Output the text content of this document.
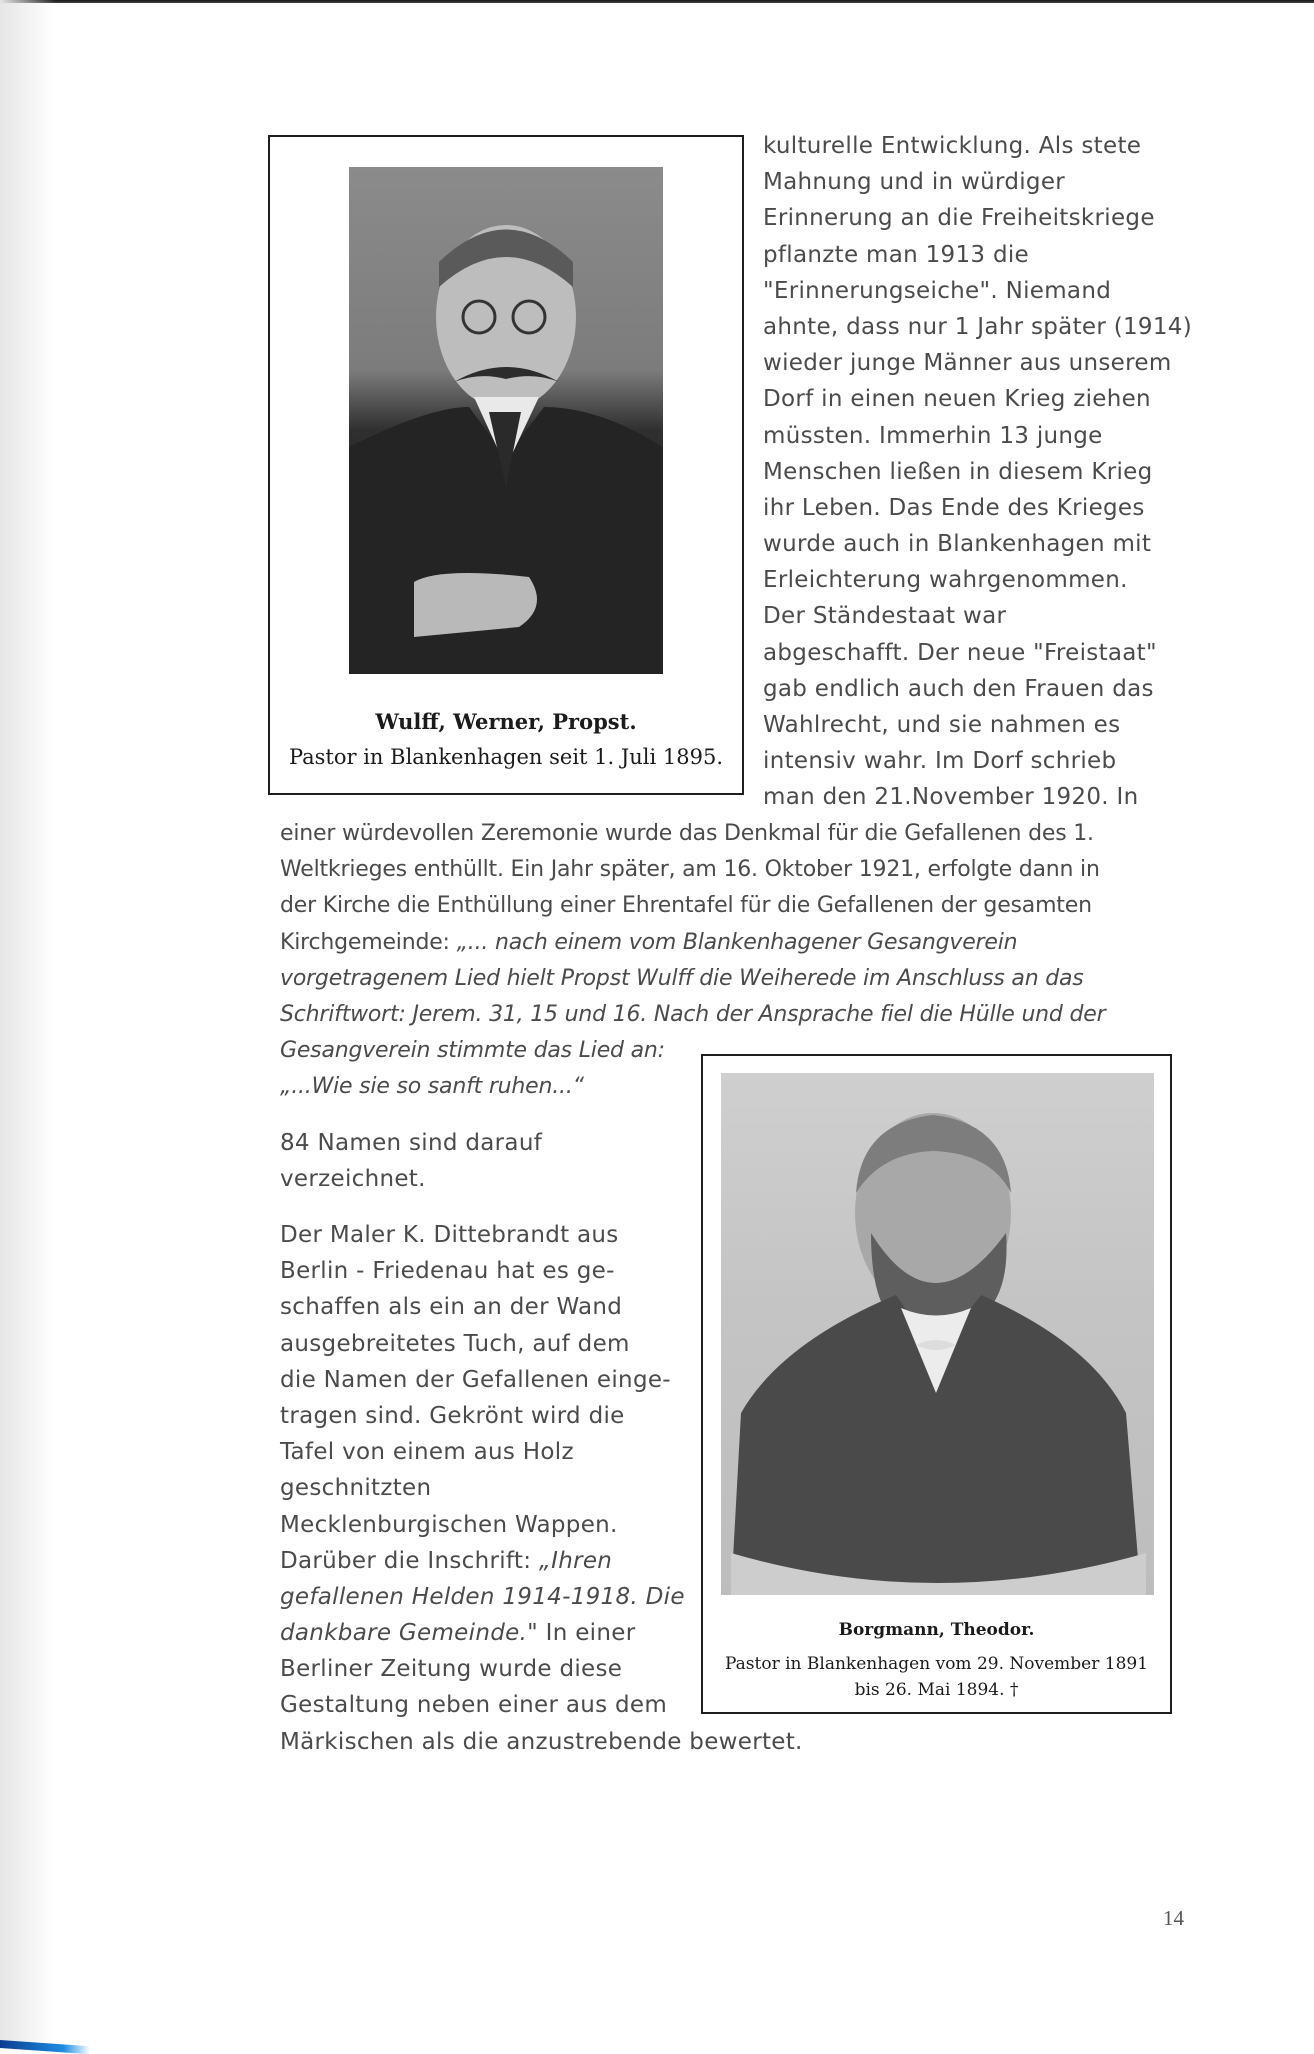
Wulff, Werner, Propst.
Pastor in Blankenhagen seit 1. Juli 1895.
kulturelle Entwicklung. Als stete
Mahnung und in würdiger
Erinnerung an die Freiheitskriege
pflanzte man 1913 die
"Erinnerungseiche". Niemand
ahnte, dass nur 1 Jahr später (1914)
wieder junge Männer aus unserem
Dorf in einen neuen Krieg ziehen
müssten. Immerhin 13 junge
Menschen ließen in diesem Krieg
ihr Leben. Das Ende des Krieges
wurde auch in Blankenhagen mit
Erleichterung wahrgenommen.
Der Ständestaat war
abgeschafft. Der neue "Freistaat"
gab endlich auch den Frauen das
Wahlrecht, und sie nahmen es
intensiv wahr. Im Dorf schrieb
man den 21.November 1920. In
einer würdevollen Zeremonie wurde das Denkmal für die Gefallenen des 1.
Weltkrieges enthüllt. Ein Jahr später, am 16. Oktober 1921, erfolgte dann in
der Kirche die Enthüllung einer Ehrentafel für die Gefallenen der gesamten
Kirchgemeinde: „... nach einem vom Blankenhagener Gesangverein
vorgetragenem Lied hielt Propst Wulff die Weiherede im Anschluss an das
Schriftwort: Jerem. 31, 15 und 16. Nach der Ansprache fiel die Hülle und der
Gesangverein stimmte das Lied an:
„...Wie sie so sanft ruhen...“
84 Namen sind darauf
verzeichnet.
Der Maler K. Dittebrandt aus
Berlin - Friedenau hat es ge-
schaffen als ein an der Wand
ausgebreitetes Tuch, auf dem
die Namen der Gefallenen einge-
tragen sind. Gekrönt wird die
Tafel von einem aus Holz
geschnitzten
Mecklenburgischen Wappen.
Darüber die Inschrift: „Ihren
gefallenen Helden 1914-1918. Die
dankbare Gemeinde." In einer
Berliner Zeitung wurde diese
Gestaltung neben einer aus dem
Märkischen als die anzustrebende bewertet.
Borgmann, Theodor.
Pastor in Blankenhagen vom 29. November 1891
bis 26. Mai 1894. †
14
